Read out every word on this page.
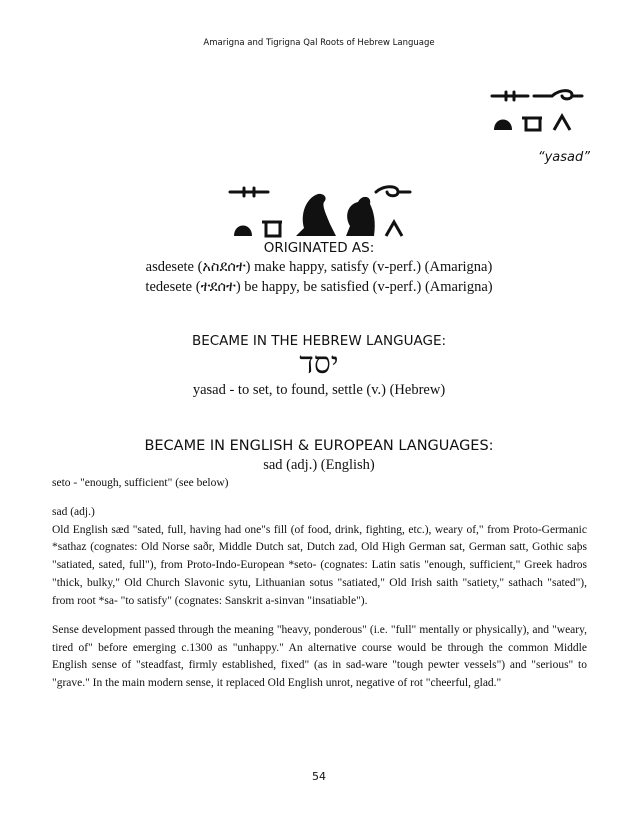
Amarigna and Tigrigna Qal Roots of Hebrew Language
“yasad”
ORIGINATED AS:
asdesete (አስደሰተ) make happy, satisfy (v-perf.) (Amarigna)
tedesete (ተደሰተ) be happy, be satisfied (v-perf.) (Amarigna)
BECAME IN THE HEBREW LANGUAGE:
יסד
yasad - to set, to found, settle (v.) (Hebrew)
BECAME IN ENGLISH & EUROPEAN LANGUAGES:
sad (adj.) (English)

seto - "enough, sufficient" (see below)

sad (adj.)

Old English sæd "sated, full, having had one"s fill (of food, drink, fighting, etc.), weary of," from Proto-Germanic *sathaz (cognates: Old Norse saðr, Middle Dutch sat, Dutch zad, Old High German sat, German satt, Gothic saþs "satiated, sated, full"), from Proto-Indo-European *seto- (cognates: Latin satis "enough, sufficient," Greek hadros "thick, bulky," Old Church Slavonic sytu, Lithuanian sotus "satiated," Old Irish saith "satiety," sathach "sated"), from root *sa- "to satisfy" (cognates: Sanskrit a-sinvan "insatiable").

Sense development passed through the meaning "heavy, ponderous" (i.e. "full" mentally or physically), and "weary, tired of" before emerging c.1300 as "unhappy." An alternative course would be through the common Middle English sense of "steadfast, firmly established, fixed" (as in sad-ware "tough pewter vessels") and "serious" to "grave." In the main modern sense, it replaced Old English unrot, negative of rot "cheerful, glad."

54
